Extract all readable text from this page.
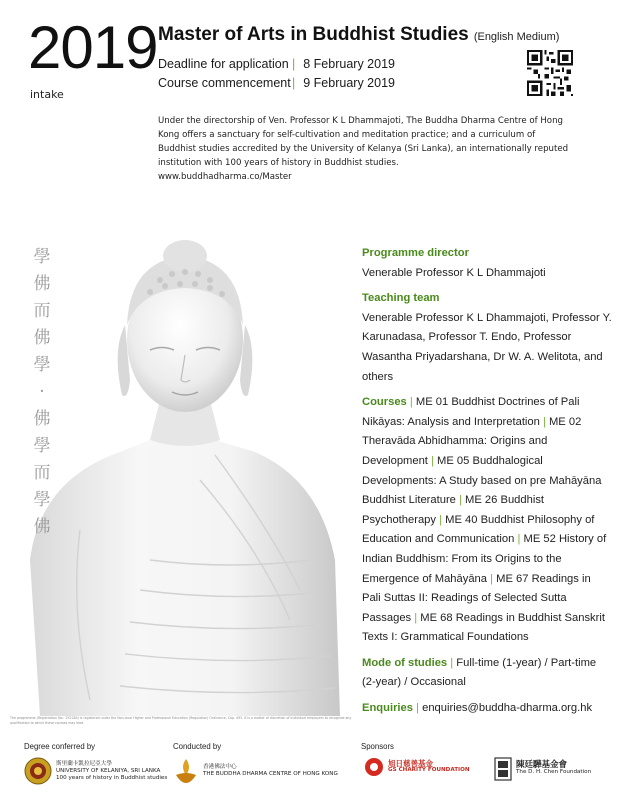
2019
intake
Master of Arts in Buddhist Studies (English Medium)
Deadline for application | 8 February 2019
Course commencement | 9 February 2019

Under the directorship of Ven. Professor K L Dhammajoti, The Buddha Dharma Centre of Hong Kong offers a sanctuary for self-cultivation and meditation practice; and a curriculum of Buddhist studies accredited by the University of Kelanya (Sri Lanka), an internationally reputed institution with 100 years of history in Buddhist studies.

www.buddhadharma.co/Master

學
佛
而
佛
學
·
佛
學
而
學
佛
Programme director
Venerable Professor K L Dhammajoti
Teaching team
Venerable Professor K L Dhammajoti, Professor Y. Karunadasa, Professor T. Endo, Professor Wasantha Priyadarshana, Dr W. A. Welitota, and others
Courses | ME 01 Buddhist Doctrines of Pali Nikāyas: Analysis and Interpretation | ME 02 Theravāda Abhidhamma: Origins and Development | ME 05 Buddhalogical Developments: A Study based on pre Mahāyāna Buddhist Literature | ME 26 Buddhist Psychotherapy | ME 40 Buddhist Philosophy of Education and Communication | ME 52 History of Indian Buddhism: From its Origins to the Emergence of Mahāyāna | ME 67 Readings in Pali Suttas II: Readings of Selected Sutta Passages | ME 68 Readings in Buddhist Sanskrit Texts I: Grammatical Foundations
Mode of studies | Full-time (1-year) / Part-time (2-year) / Occasional
Enquiries | enquiries@buddha-dharma.org.hk
The programme (Registration No.: 252284) is registered under the Non-local Higher and Professional Education (Regulation) Ordinance, Cap. 493. It is a matter of discretion of individual employers to recognize any qualification to which these courses may lead.
Degree conferred by	Conducted by	Sponsors
斯里蘭卡凱拉尼亞大學
UNIVERSITY OF KELANIYA, SRI LANKA
100 years of history in Buddhist studies
香港佛法中心
THE BUDDHA DHARMA CENTRE OF HONG KONG
旭日慈善基金
GS CHARITY FOUNDATION	陳廷驊基金會
The D. H. Chen Foundation
